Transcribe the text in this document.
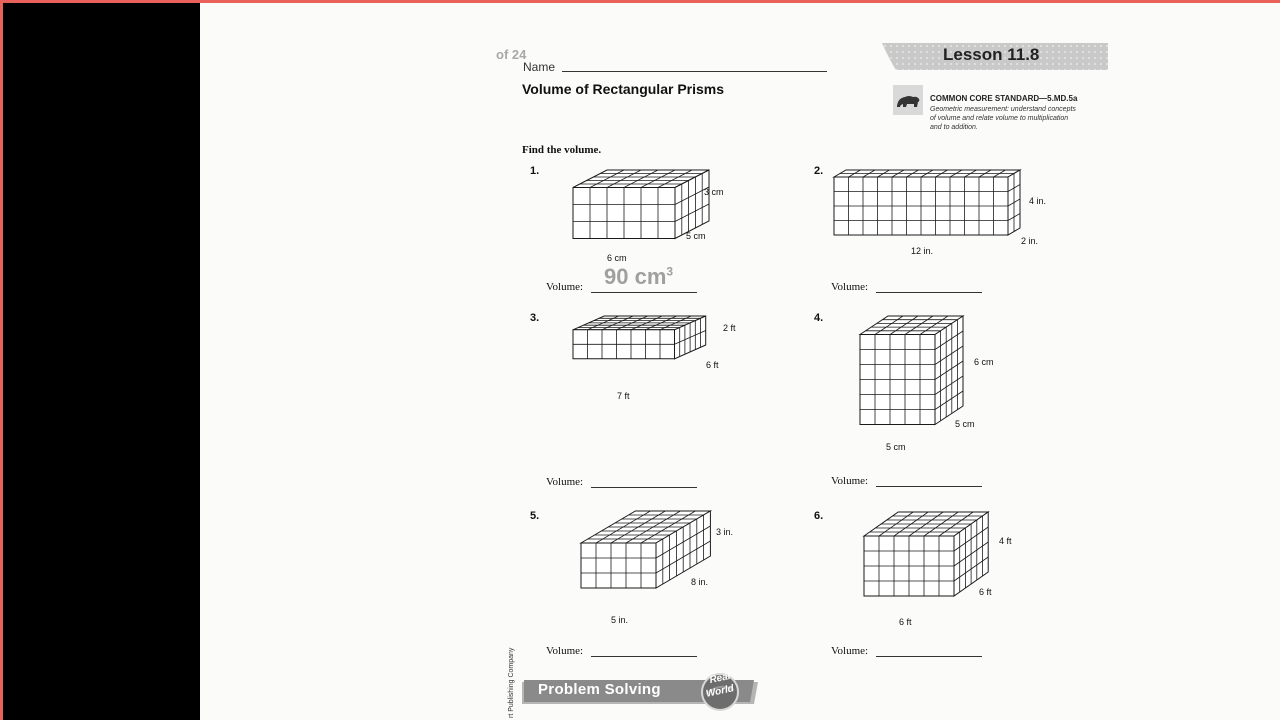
Name
of 24	Lesson 11.8
Volume of Rectangular Prisms
COMMON CORE STANDARD—5.MD.5a
Geometric measurement: understand concepts of volume and relate volume to multiplication and to addition.
Find the volume.
1.
3 cm
5 cm
6 cm
Volume: 90 $cm^3$
2.
4 in.
2 in.
12 in.
Volume:
3.
2 ft
6 ft
7 ft
Volume:
4.
6 cm
5 cm
5 cm
Volume:
5.
3 in.
8 in.
5 in.
Volume:
6.
4 ft
6 ft
6 ft
Volume:
Problem Solving
Real
World
rt Publishing Company
